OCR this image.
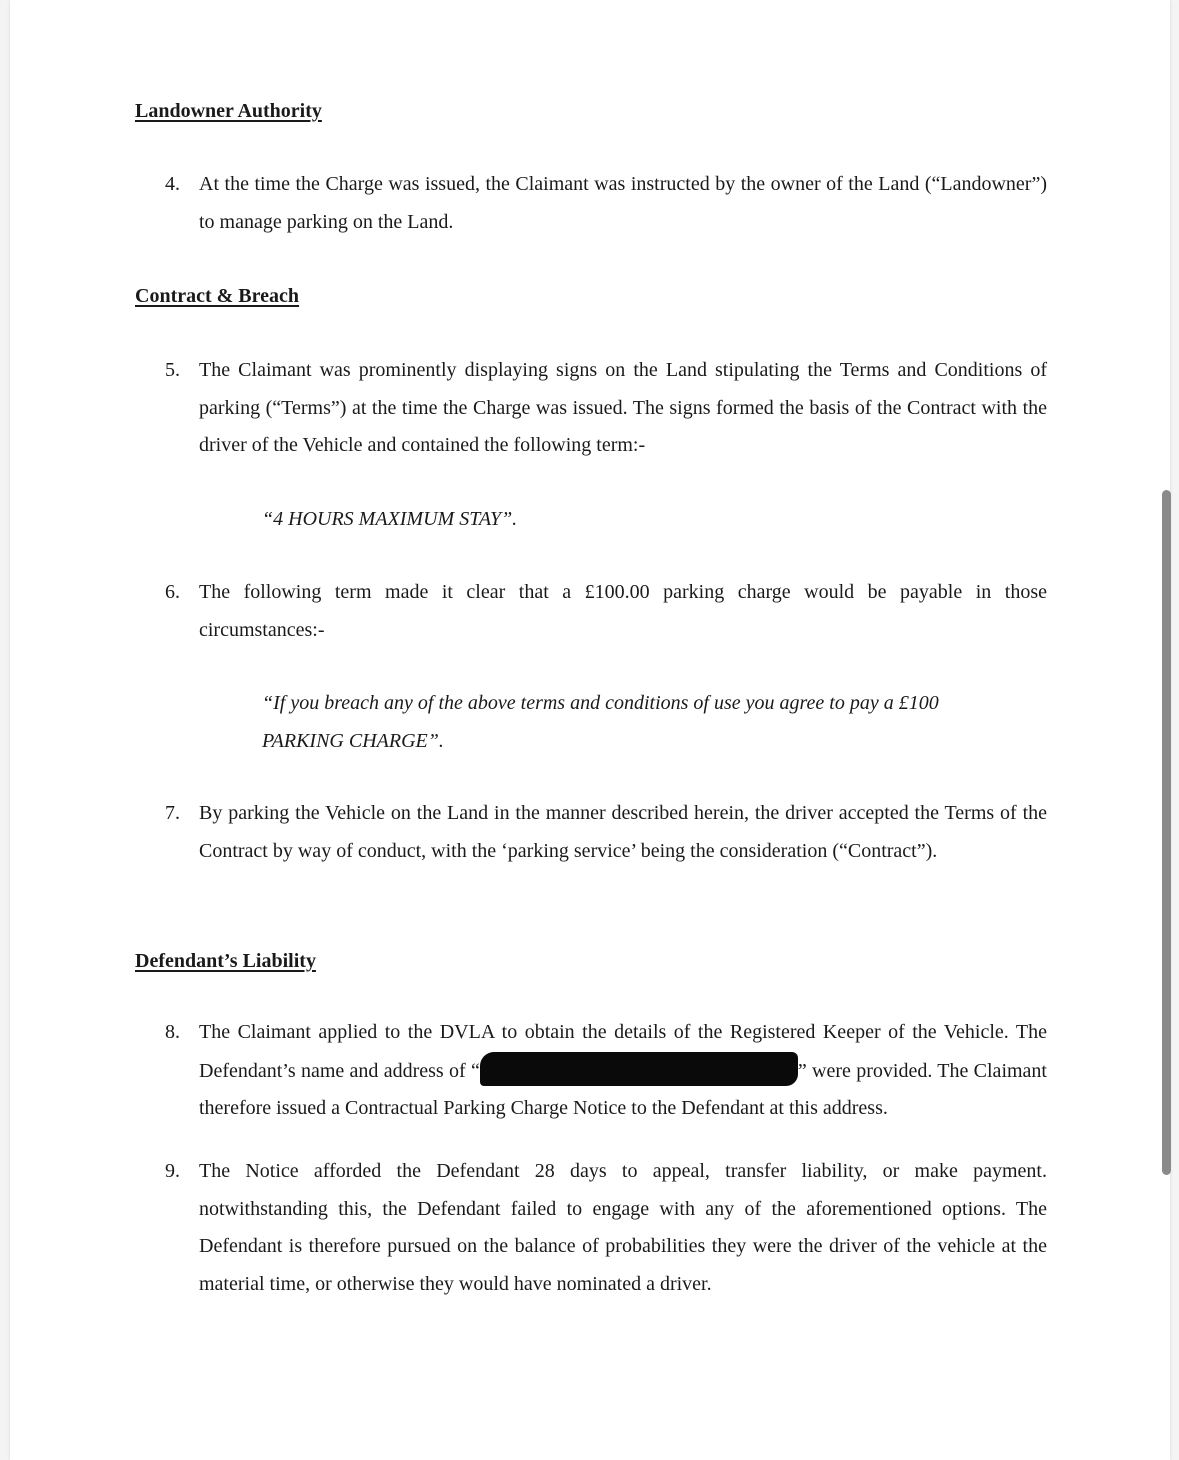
Landowner Authority
4. At the time the Charge was issued, the Claimant was instructed by the owner of the Land (“Landowner”) to manage parking on the Land.
Contract & Breach
5. The Claimant was prominently displaying signs on the Land stipulating the Terms and Conditions of parking (“Terms”) at the time the Charge was issued. The signs formed the basis of the Contract with the driver of the Vehicle and contained the following term:-
“4 HOURS MAXIMUM STAY”.
6. The following term made it clear that a £100.00 parking charge would be payable in those circumstances:-
“If you breach any of the above terms and conditions of use you agree to pay a £100 PARKING CHARGE”.
7. By parking the Vehicle on the Land in the manner described herein, the driver accepted the Terms of the Contract by way of conduct, with the ‘parking service’ being the consideration (“Contract”).
Defendant’s Liability
8. The Claimant applied to the DVLA to obtain the details of the Registered Keeper of the Vehicle. The Defendant’s name and address of “	” were provided. The Claimant therefore issued a Contractual Parking Charge Notice to the Defendant at this address.
9. The Notice afforded the Defendant 28 days to appeal, transfer liability, or make payment. notwithstanding this, the Defendant failed to engage with any of the aforementioned options. The Defendant is therefore pursued on the balance of probabilities they were the driver of the vehicle at the material time, or otherwise they would have nominated a driver.
